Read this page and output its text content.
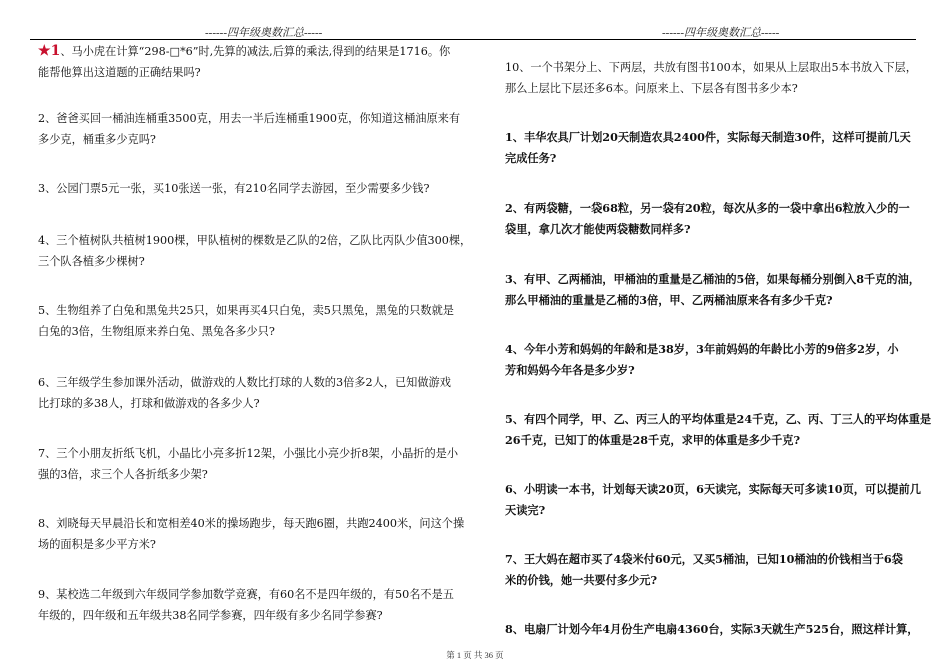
------四年级奥数汇总-----	------四年级奥数汇总-----
★1、马小虎在计算“298-□*6”时,先算的减法,后算的乘法,得到的结果是1716。你
能帮他算出这道题的正确结果吗?
2、爸爸买回一桶油连桶重3500克，用去一半后连桶重1900克，你知道这桶油原来有
多少克，桶重多少克吗?
3、公园门票5元一张，买10张送一张，有210名同学去游园，至少需要多少钱?
4、三个植树队共植树1900棵，甲队植树的棵数是乙队的2倍，乙队比丙队少值300棵，
三个队各植多少棵树?
5、生物组养了白兔和黑兔共25只，如果再买4只白兔，卖5只黑兔，黑兔的只数就是
白兔的3倍，生物组原来养白兔、黑兔各多少只?
6、三年级学生参加课外活动，做游戏的人数比打球的人数的3倍多2人，已知做游戏
比打球的多38人，打球和做游戏的各多少人?
7、三个小朋友折纸飞机，小晶比小亮多折12架，小强比小亮少折8架，小晶折的是小
强的3倍，求三个人各折纸多少架?
8、刘晓每天早晨沿长和宽相差40米的操场跑步，每天跑6圈，共跑2400米，问这个操
场的面积是多少平方米?
9、某校选二年级到六年级同学参加数学竞赛，有60名不是四年级的，有50名不是五
年级的，四年级和五年级共38名同学参赛，四年级有多少名同学参赛?
10、一个书架分上、下两层，共放有图书100本，如果从上层取出5本书放入下层，
那么上层比下层还多6本。问原来上、下层各有图书多少本?
1、丰华农具厂计划20天制造农具2400件，实际每天制造30件，这样可提前几天
完成任务?
2、有两袋糖，一袋68粒，另一袋有20粒，每次从多的一袋中拿出6粒放入少的一
袋里，拿几次才能使两袋糖数同样多?
3、有甲、乙两桶油，甲桶油的重量是乙桶油的5倍，如果每桶分别倒入8千克的油，
那么甲桶油的重量是乙桶的3倍，甲、乙两桶油原来各有多少千克?
4、今年小芳和妈妈的年龄和是38岁，3年前妈妈的年龄比小芳的9倍多2岁，小
芳和妈妈今年各是多少岁?
5、有四个同学，甲、乙、丙三人的平均体重是24千克，乙、丙、丁三人的平均体重是
26千克，已知丁的体重是28千克，求甲的体重是多少千克?
6、小明读一本书，计划每天读20页，6天读完，实际每天可多读10页，可以提前几
天读完?
7、王大妈在超市买了4袋米付60元，又买5桶油，已知10桶油的价钱相当于6袋
米的价钱，她一共要付多少元?
8、电扇厂计划今年4月份生产电扇4360台，实际3天就生产525台，照这样计算，
第 1 页 共 36 页
